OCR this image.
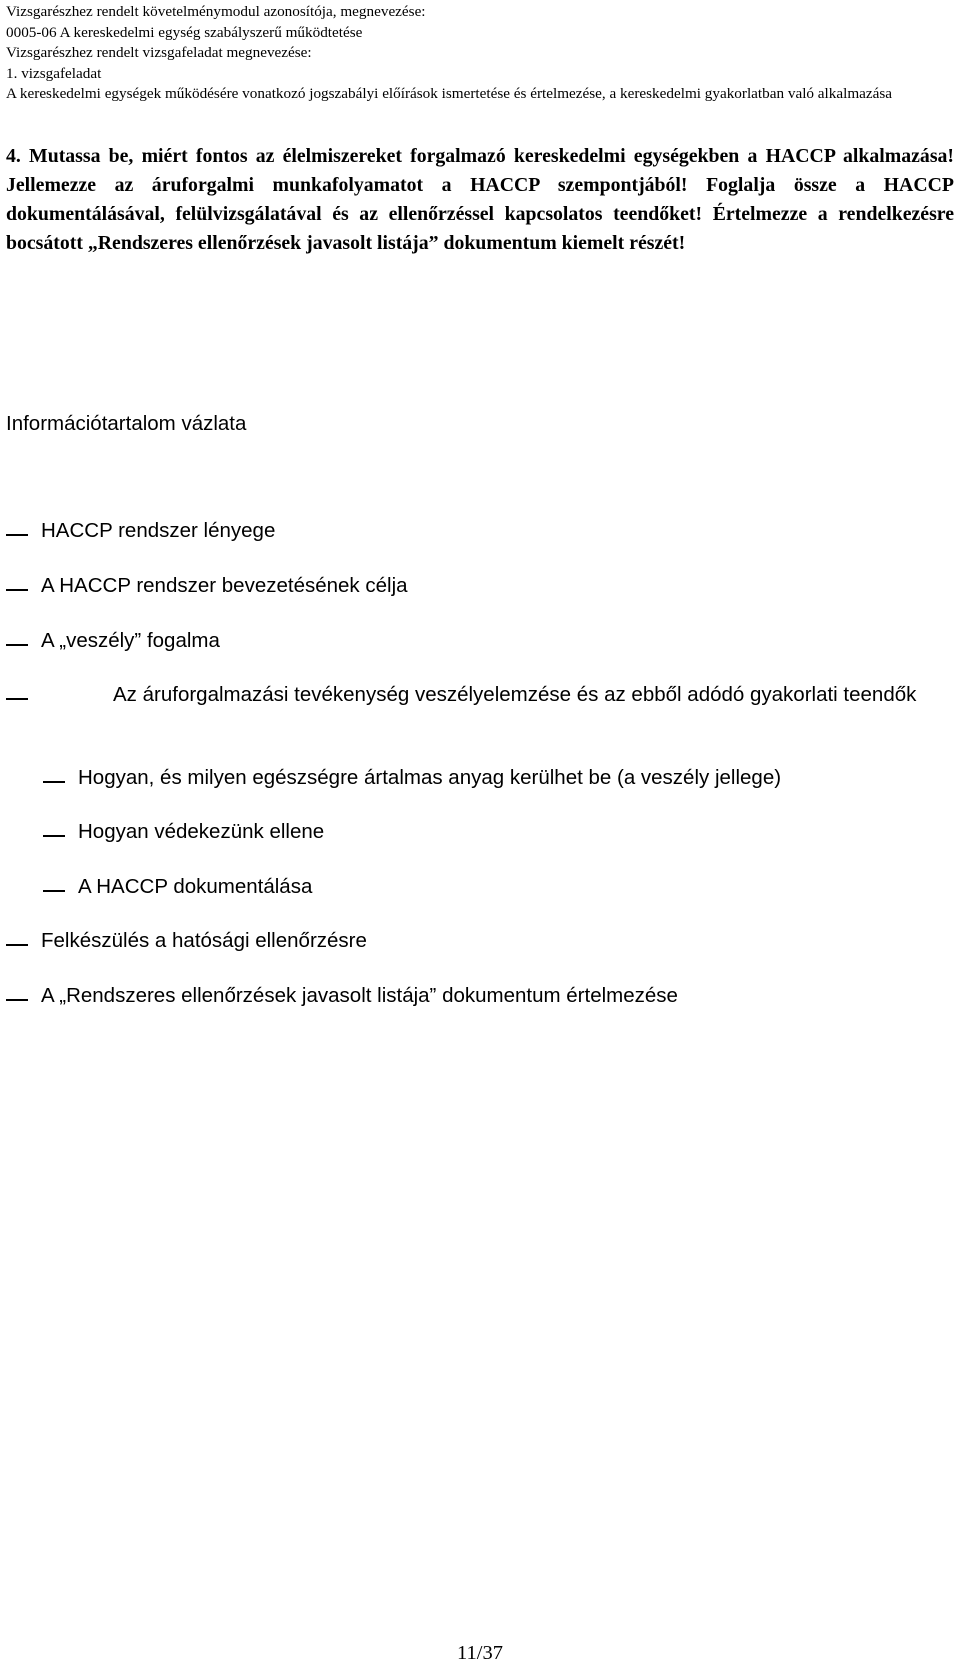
Vizsgarészhez rendelt követelménymodul azonosítója, megnevezése:
0005-06 A kereskedelmi egység szabályszerű működtetése
Vizsgarészhez rendelt vizsgafeladat megnevezése:
1. vizsgafeladat
A kereskedelmi egységek működésére vonatkozó jogszabályi előírások ismertetése és értelmezése, a kereskedelmi gyakorlatban való alkalmazása

4. Mutassa be, miért fontos az élelmiszereket forgalmazó kereskedelmi egységekben a HACCP alkalmazása! Jellemezze az áruforgalmi munkafolyamatot a HACCP szempontjából! Foglalja össze a HACCP dokumentálásával, felülvizsgálatával és az ellenőrzéssel kapcsolatos teendőket! Értelmezze a rendelkezésre bocsátott „Rendszeres ellenőrzések javasolt listája” dokumentum kiemelt részét!

Információtartalom vázlata
HACCP rendszer lényege
A HACCP rendszer bevezetésének célja
A „veszély” fogalma
Az áruforgalmazási tevékenység veszélyelemzése és az ebből adódó gyakorlati teendők
Hogyan, és milyen egészségre ártalmas anyag kerülhet be (a veszély jellege)
Hogyan védekezünk ellene
A HACCP dokumentálása
Felkészülés a hatósági ellenőrzésre
A „Rendszeres ellenőrzések javasolt listája” dokumentum értelmezése
11/37
